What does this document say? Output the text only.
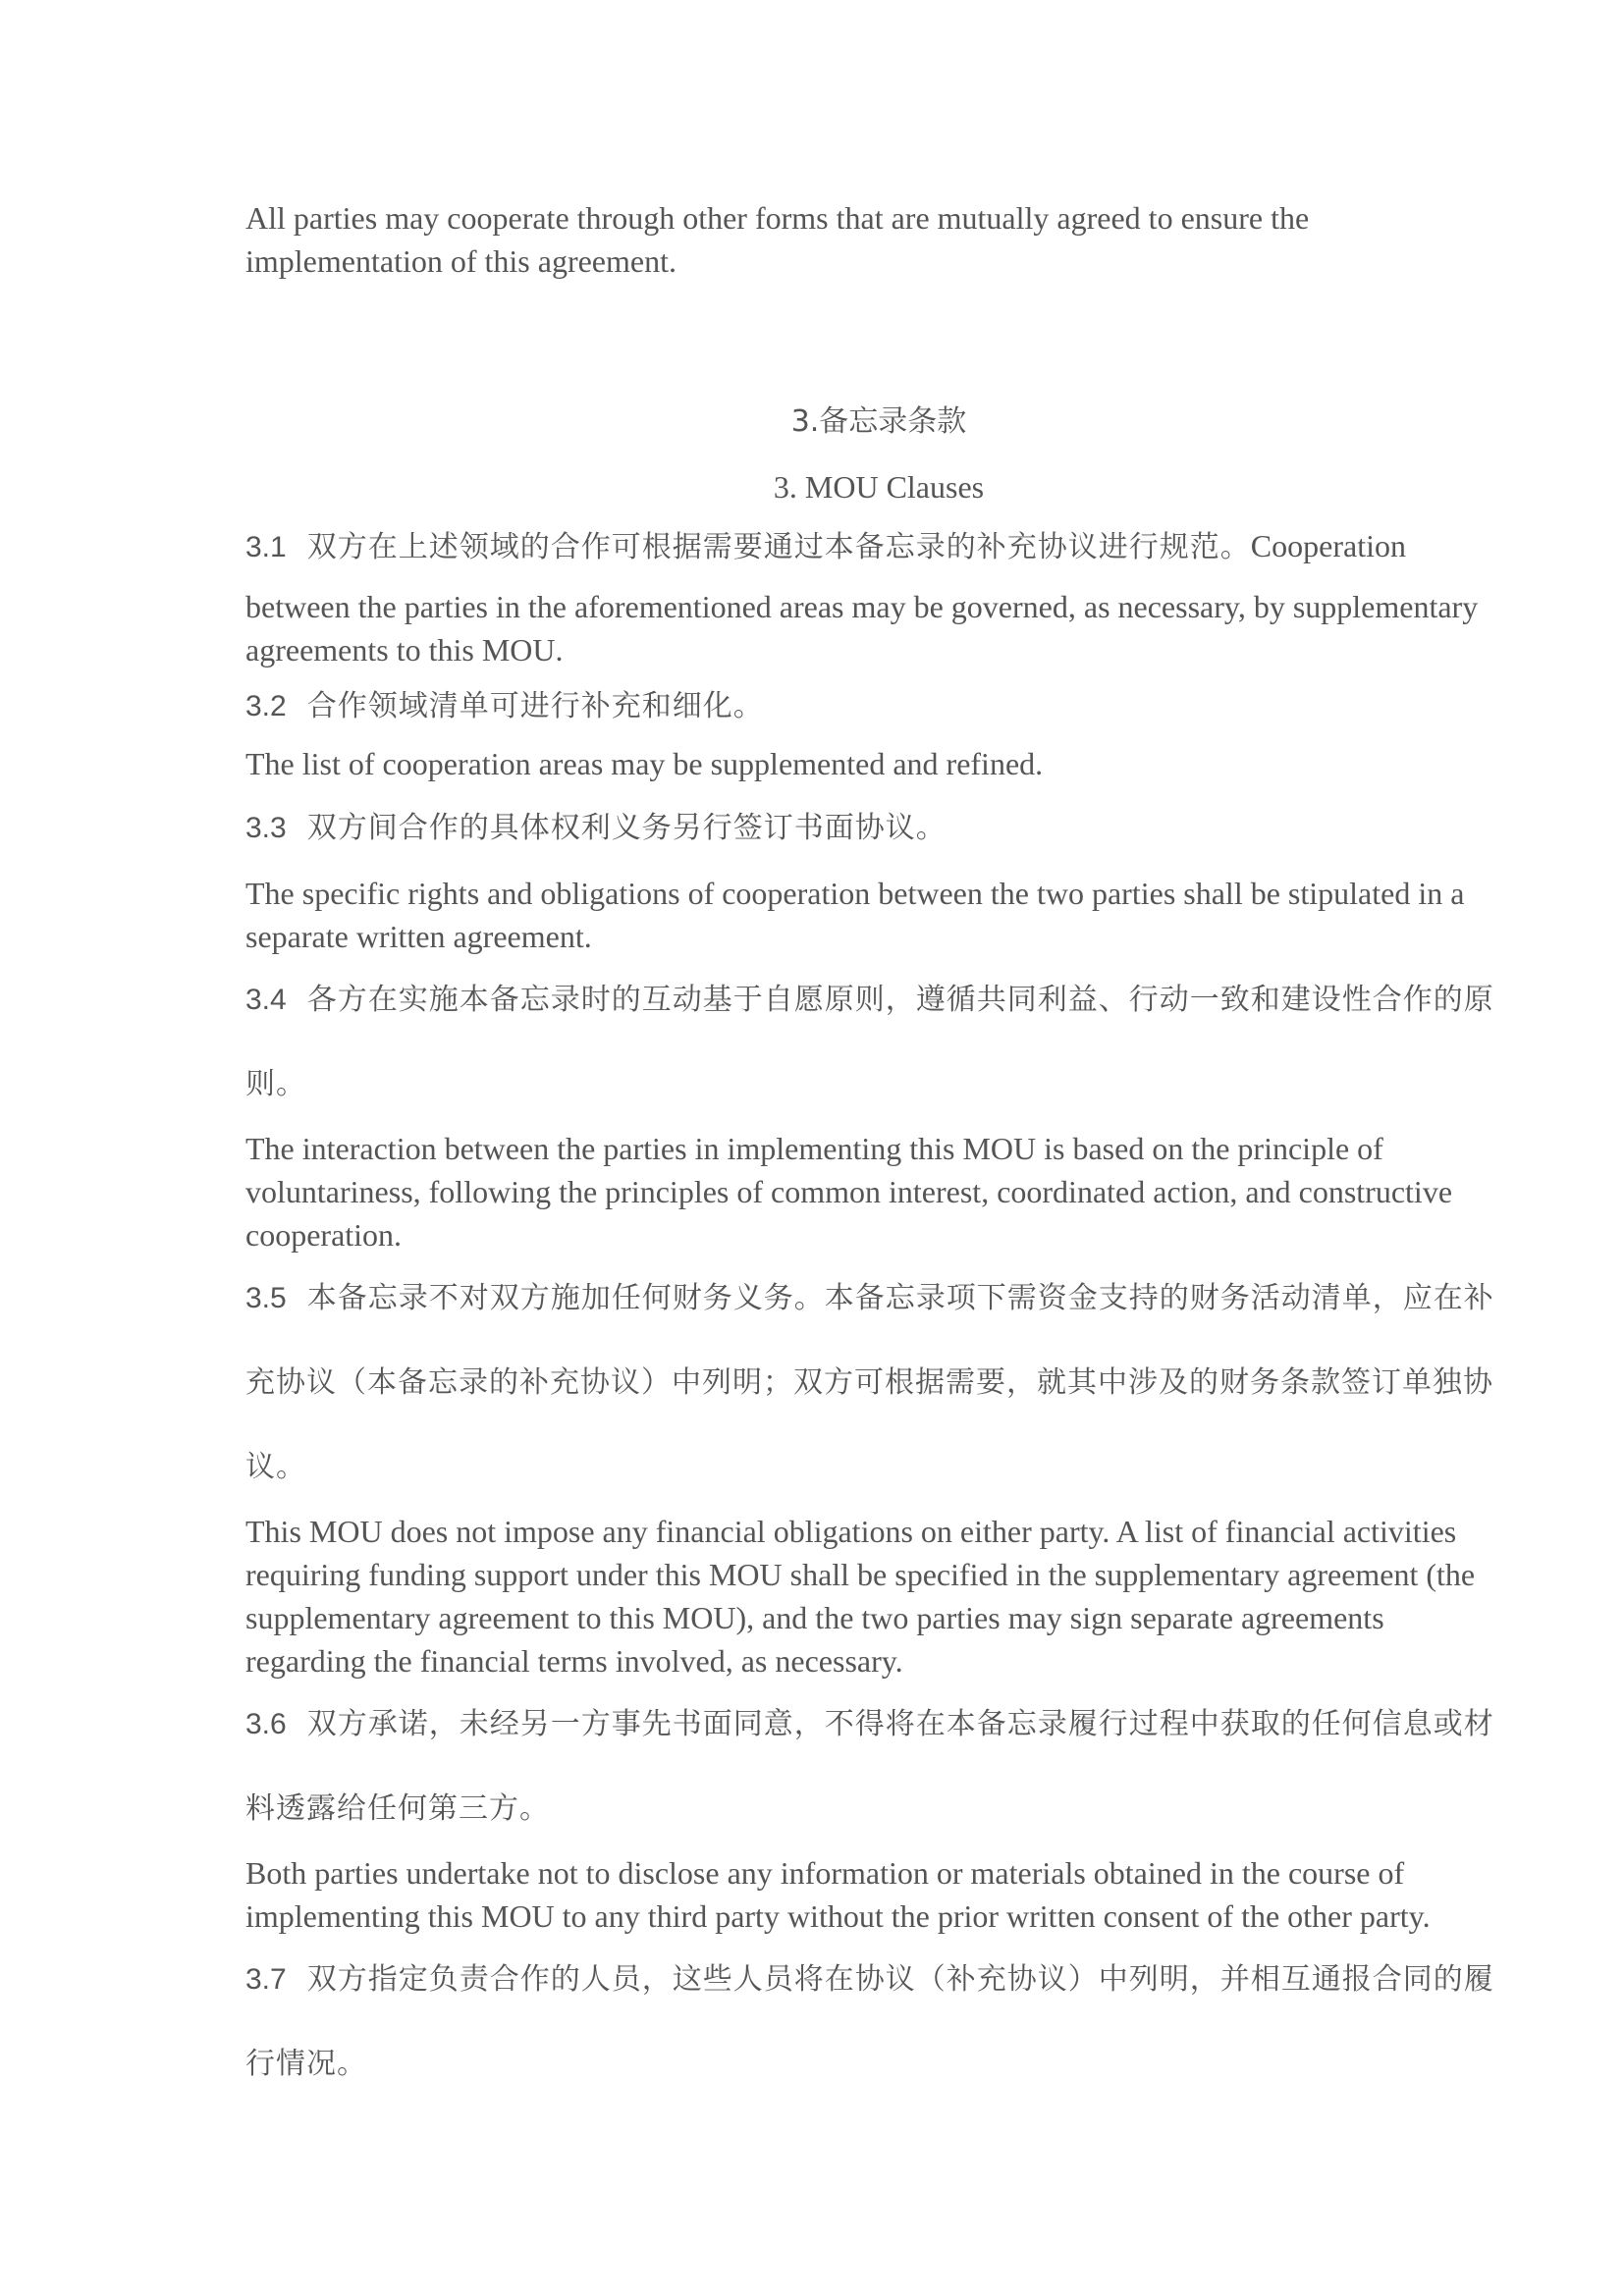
All parties may cooperate through other forms that are mutually agreed to ensure the implementation of this agreement.

3.备忘录条款

3. MOU Clauses

3.1 双方在上述领域的合作可根据需要通过本备忘录的补充协议进行规范。Cooperation

between the parties in the aforementioned areas may be governed, as necessary, by supplementary agreements to this MOU.

3.2 合作领域清单可进行补充和细化。

The list of cooperation areas may be supplemented and refined.

3.3 双方间合作的具体权利义务另行签订书面协议。

The specific rights and obligations of cooperation between the two parties shall be stipulated in a separate written agreement.

3.4 各方在实施本备忘录时的互动基于自愿原则，遵循共同利益、行动一致和建设性合作的原则。

The interaction between the parties in implementing this MOU is based on the principle of voluntariness, following the principles of common interest, coordinated action, and constructive cooperation.

3.5 本备忘录不对双方施加任何财务义务。本备忘录项下需资金支持的财务活动清单，应在补充协议（本备忘录的补充协议）中列明；双方可根据需要，就其中涉及的财务条款签订单独协议。

This MOU does not impose any financial obligations on either party. A list of financial activities requiring funding support under this MOU shall be specified in the supplementary agreement (the supplementary agreement to this MOU), and the two parties may sign separate agreements regarding the financial terms involved, as necessary.

3.6 双方承诺，未经另一方事先书面同意，不得将在本备忘录履行过程中获取的任何信息或材料透露给任何第三方。

Both parties undertake not to disclose any information or materials obtained in the course of implementing this MOU to any third party without the prior written consent of the other party.

3.7 双方指定负责合作的人员，这些人员将在协议（补充协议）中列明，并相互通报合同的履行情况。
